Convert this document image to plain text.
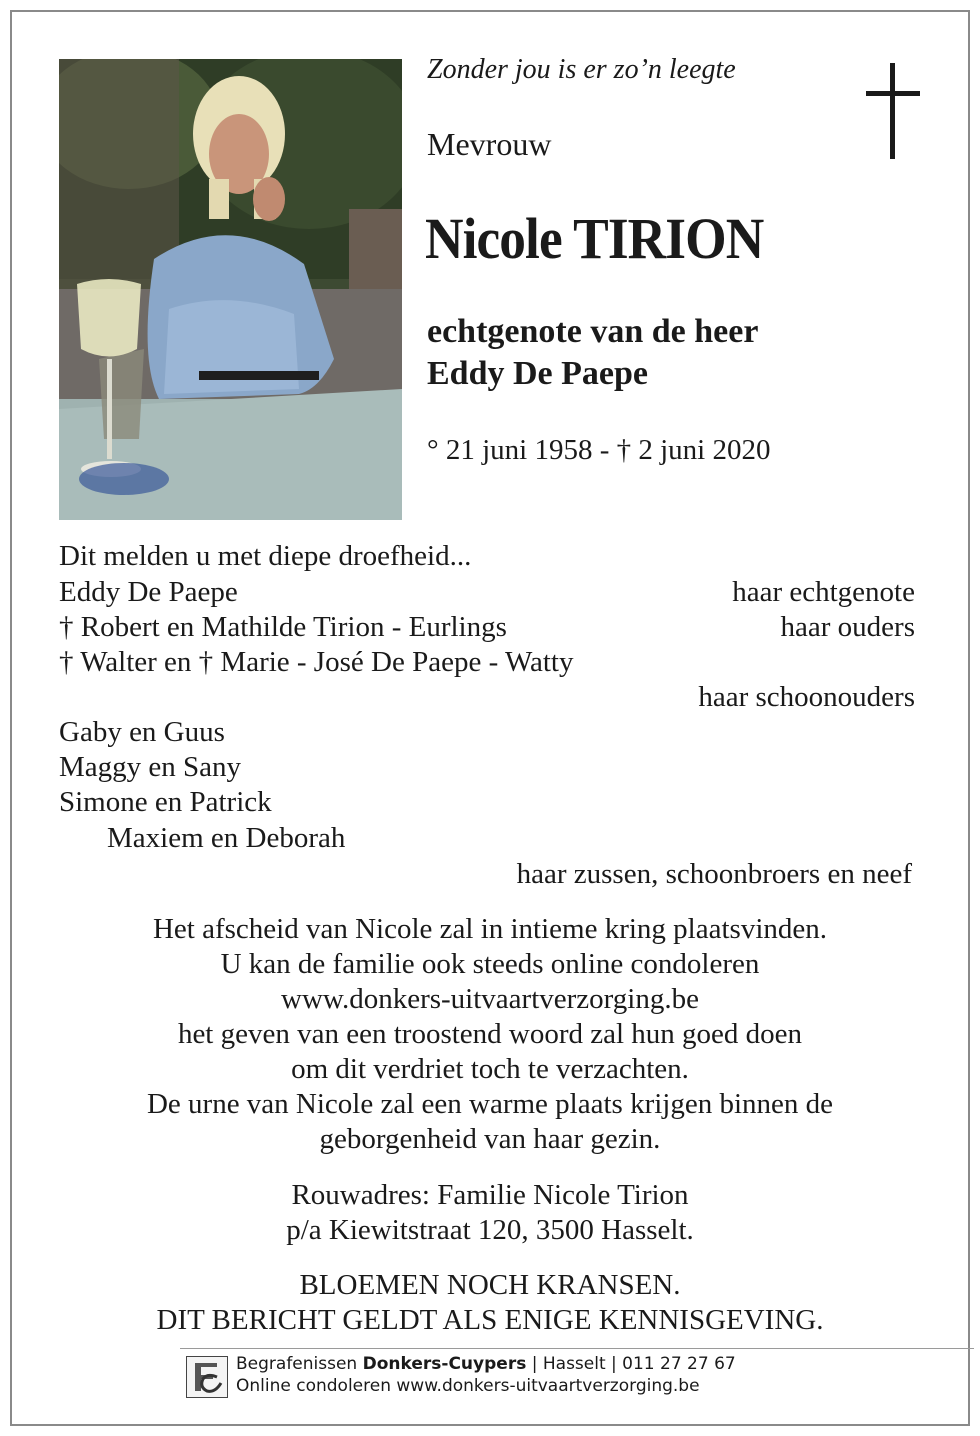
Zonder jou is er zo’n leegte
Mevrouw
Nicole TIRION
echtgenote van de heer
Eddy De Paepe
° 21 juni 1958 - † 2 juni 2020
Dit melden u met diepe droefheid...
Eddy De Paepe	haar echtgenote
† Robert en Mathilde Tirion - Eurlings	haar ouders
† Walter en † Marie - José De Paepe - Watty
haar schoonouders
Gaby en Guus
Maggy en Sany
Simone en Patrick
Maxiem en Deborah
haar zussen, schoonbroers en neef
Het afscheid van Nicole zal in intieme kring plaatsvinden.
U kan de familie ook steeds online condoleren
www.donkers-uitvaartverzorging.be
het geven van een troostend woord zal hun goed doen
om dit verdriet toch te verzachten.
De urne van Nicole zal een warme plaats krijgen binnen de
geborgenheid van haar gezin.
Rouwadres: Familie Nicole Tirion
p/a Kiewitstraat 120, 3500 Hasselt.
BLOEMEN NOCH KRANSEN.
DIT BERICHT GELDT ALS ENIGE KENNISGEVING.
Begrafenissen Donkers-Cuypers | Hasselt | 011 27 27 67
Online condoleren www.donkers-uitvaartverzorging.be
